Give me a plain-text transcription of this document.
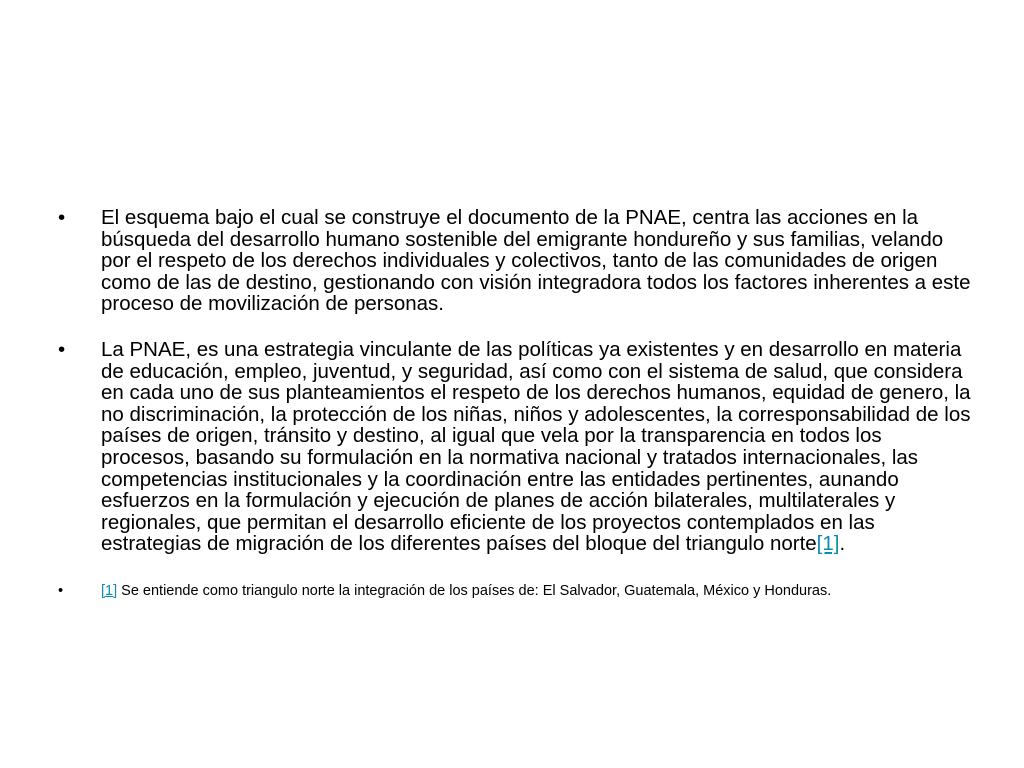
• El esquema bajo el cual se construye el documento de la PNAE, centra las acciones en la búsqueda del desarrollo humano sostenible del emigrante hondureño y sus familias, velando por el respeto de los derechos individuales y colectivos, tanto de las comunidades de origen como de las de destino, gestionando con visión integradora todos los factores inherentes a este proceso de movilización de personas.
• La PNAE, es una estrategia vinculante de las políticas ya existentes y en desarrollo en materia de educación, empleo, juventud, y seguridad, así como con el sistema de salud, que considera en cada uno de sus planteamientos el respeto de los derechos humanos, equidad de genero, la no discriminación, la protección de los niñas, niños y adolescentes, la corresponsabilidad de los países de origen, tránsito y destino, al igual que vela por la transparencia en todos los procesos, basando su formulación en la normativa nacional y tratados internacionales, las competencias institucionales y la coordinación entre las entidades pertinentes, aunando esfuerzos en la formulación y ejecución de planes de acción bilaterales, multilaterales y regionales, que permitan el desarrollo eficiente de los proyectos contemplados en las estrategias de migración de los diferentes países del bloque del triangulo norte[1].
•	[1] Se entiende como triangulo norte la integración de los países de: El Salvador, Guatemala, México y Honduras.
